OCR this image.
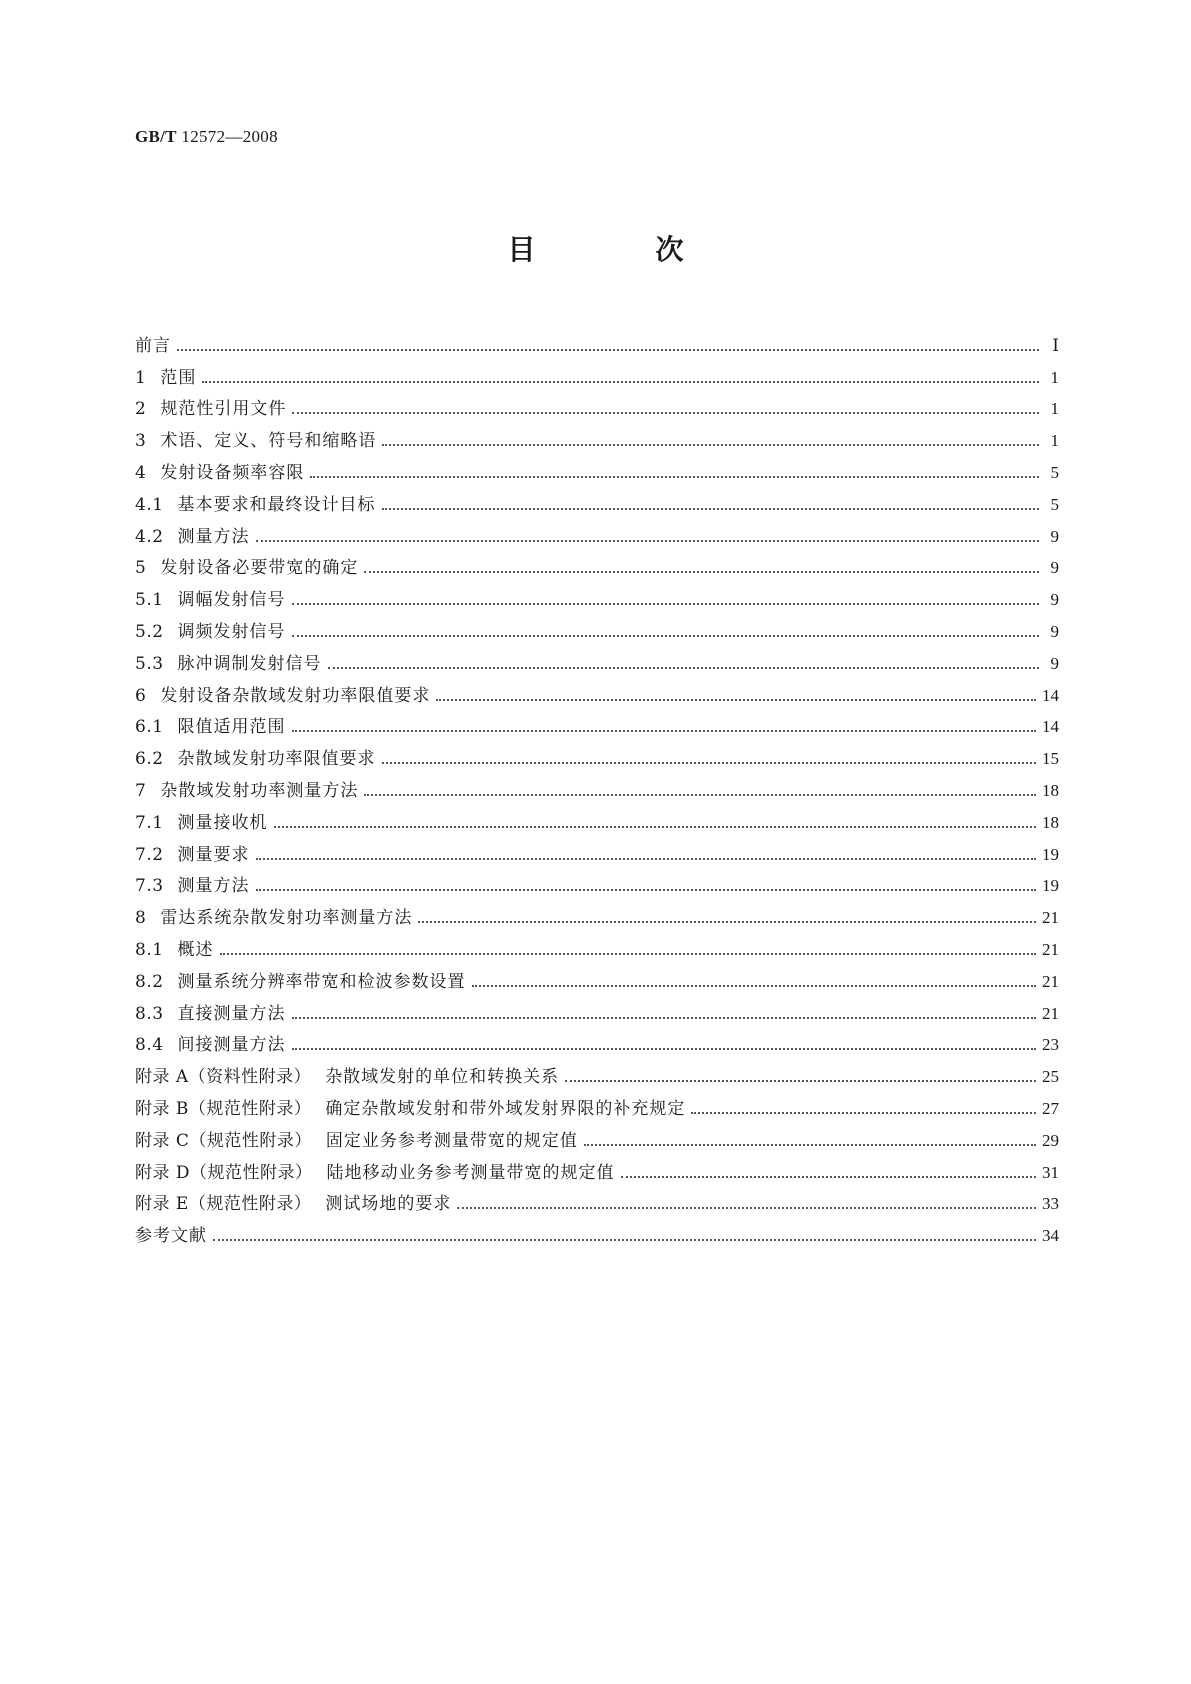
GB/T 12572—2008
目　次
前言	Ⅰ
1 范围	1
2 规范性引用文件	1
3 术语、定义、符号和缩略语	1
4 发射设备频率容限	5
4.1 基本要求和最终设计目标	5
4.2 测量方法	9
5 发射设备必要带宽的确定	9
5.1 调幅发射信号	9
5.2 调频发射信号	9
5.3 脉冲调制发射信号	9
6 发射设备杂散域发射功率限值要求	14
6.1 限值适用范围	14
6.2 杂散域发射功率限值要求	15
7 杂散域发射功率测量方法	18
7.1 测量接收机	18
7.2 测量要求	19
7.3 测量方法	19
8 雷达系统杂散发射功率测量方法	21
8.1 概述	21
8.2 测量系统分辨率带宽和检波参数设置	21
8.3 直接测量方法	21
8.4 间接测量方法	23
附录 A（资料性附录） 杂散域发射的单位和转换关系	25
附录 B（规范性附录） 确定杂散域发射和带外域发射界限的补充规定	27
附录 C（规范性附录） 固定业务参考测量带宽的规定值	29
附录 D（规范性附录） 陆地移动业务参考测量带宽的规定值	31
附录 E（规范性附录） 测试场地的要求	33
参考文献	34
